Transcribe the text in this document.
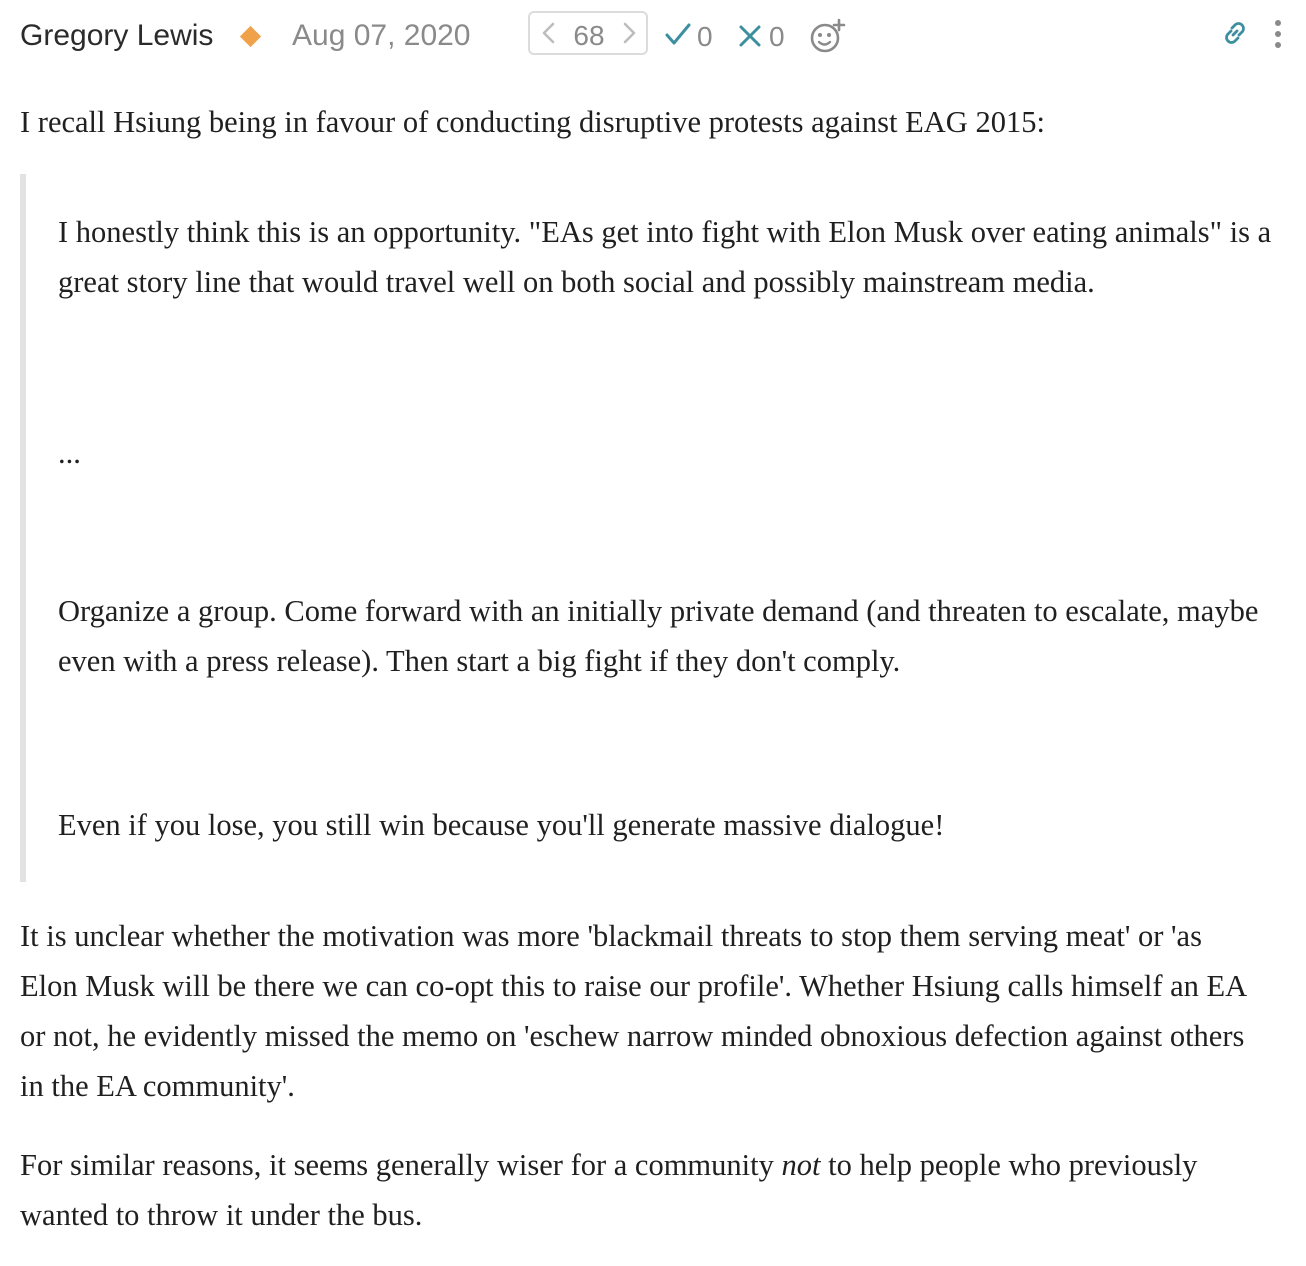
Gregory Lewis	Aug 07, 2020	68	0 0

I recall Hsiung being in favour of conducting disruptive protests against EAG 2015:

I honestly think this is an opportunity. "EAs get into fight with Elon Musk over eating animals" is a great story line that would travel well on both social and possibly mainstream media.

...

Organize a group. Come forward with an initially private demand (and threaten to escalate, maybe even with a press release). Then start a big fight if they don't comply.

Even if you lose, you still win because you'll generate massive dialogue!

It is unclear whether the motivation was more 'blackmail threats to stop them serving meat' or 'as Elon Musk will be there we can co-opt this to raise our profile'. Whether Hsiung calls himself an EA or not, he evidently missed the memo on 'eschew narrow minded obnoxious defection against others in the EA community'.

For similar reasons, it seems generally wiser for a community not to help people who previously wanted to throw it under the bus.
